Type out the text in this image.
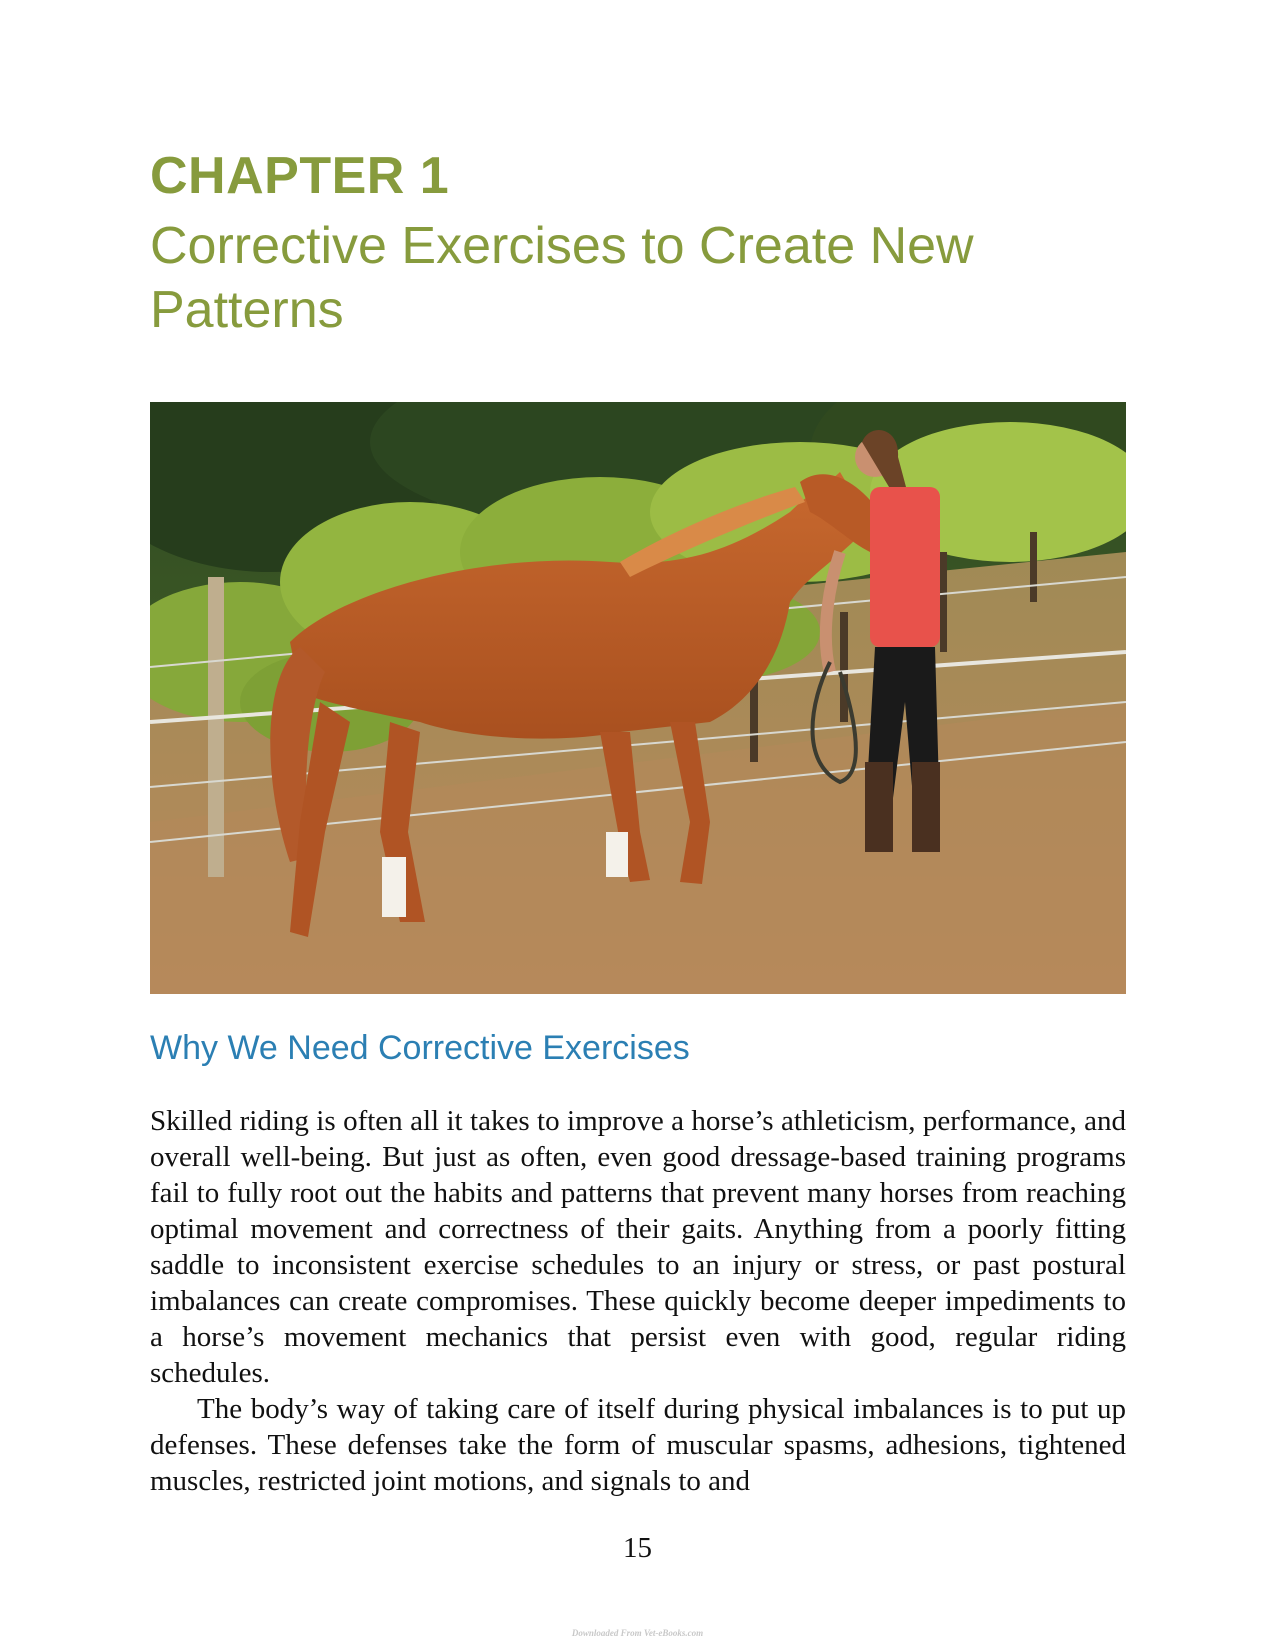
CHAPTER 1
Corrective Exercises to Create New Patterns
Why We Need Corrective Exercises

Skilled riding is often all it takes to improve a horse’s athleticism, performance, and overall well-being. But just as often, even good dressage-based training programs fail to fully root out the habits and patterns that prevent many horses from reaching optimal movement and correctness of their gaits. Anything from a poorly fitting saddle to inconsistent exercise schedules to an injury or stress, or past postural imbalances can create compromises. These quickly become deeper impediments to a horse’s movement mechanics that persist even with good, regular riding schedules.

The body’s way of taking care of itself during physical imbalances is to put up defenses. These defenses take the form of muscular spasms, adhesions, tightened muscles, restricted joint motions, and signals to and

15
Downloaded From Vet-eBooks.com
